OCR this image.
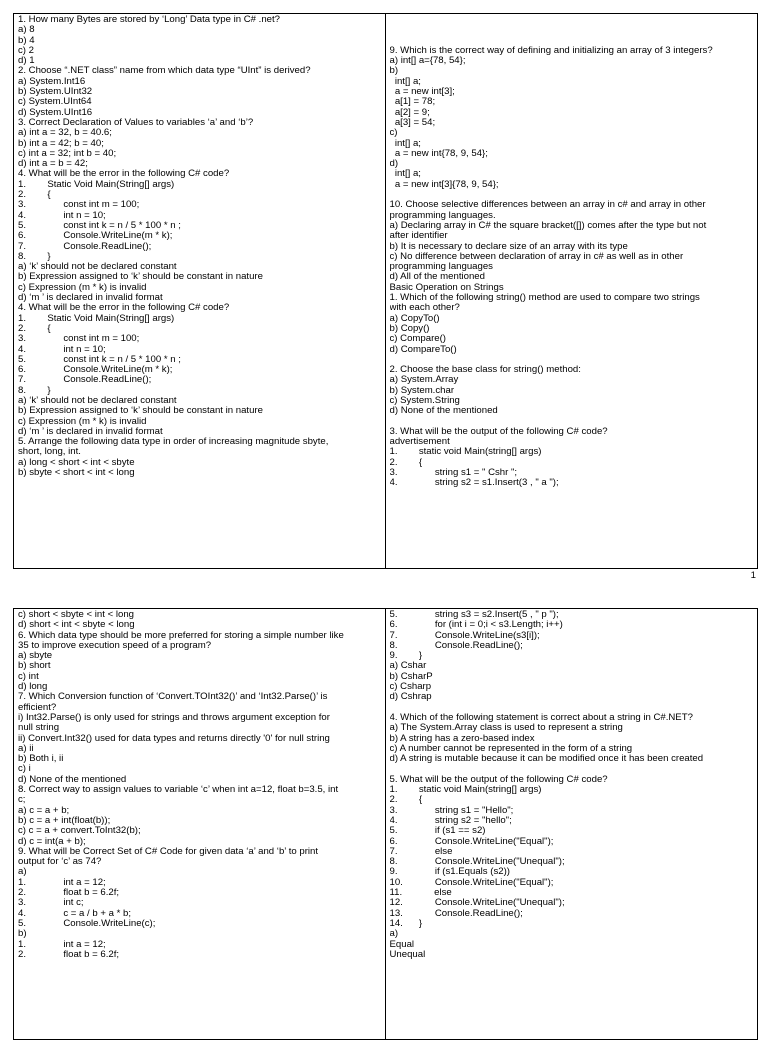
1. How many Bytes are stored by ‘Long’ Data type in C# .net?
a) 8
b) 4
c) 2
d) 1
2. Choose “.NET class” name from which data type “UInt” is derived?
a) System.Int16
b) System.UInt32
c) System.UInt64
d) System.UInt16
3. Correct Declaration of Values to variables ‘a’ and ‘b’?
a) int a = 32, b = 40.6;
b) int a = 42; b = 40;
c) int a = 32; int b = 40;
d) int a = b = 42;
4. What will be the error in the following C# code?
1.        Static Void Main(String[] args)
2.        {
3.              const int m = 100;
4.              int n = 10;
5.              const int k = n / 5 * 100 * n ;
6.              Console.WriteLine(m * k);
7.              Console.ReadLine();
8.        }
a) ‘k’ should not be declared constant
b) Expression assigned to ‘k’ should be constant in nature
c) Expression (m * k) is invalid
d) ‘m ’ is declared in invalid format
4. What will be the error in the following C# code?
1.        Static Void Main(String[] args)
2.        {
3.              const int m = 100;
4.              int n = 10;
5.              const int k = n / 5 * 100 * n ;
6.              Console.WriteLine(m * k);
7.              Console.ReadLine();
8.        }
a) ‘k’ should not be declared constant
b) Expression assigned to ‘k’ should be constant in nature
c) Expression (m * k) is invalid
d) ‘m ’ is declared in invalid format
5. Arrange the following data type in order of increasing magnitude sbyte,
short, long, int.
a) long < short < int < sbyte
b) sbyte < short < int < long
9. Which is the correct way of defining and initializing an array of 3 integers?
a) int[] a={78, 54};
b)
int[] a;
a = new int[3];
a[1] = 78;
a[2] = 9;
a[3] = 54;
c)
int[] a;
a = new int{78, 9, 54};
d)
int[] a;
a = new int[3]{78, 9, 54};
10. Choose selective differences between an array in c# and array in other
programming languages.
a) Declaring array in C# the square bracket([]) comes after the type but not
after identifier
b) It is necessary to declare size of an array with its type
c) No difference between declaration of array in c# as well as in other
programming languages
d) All of the mentioned
Basic Operation on Strings
1. Which of the following string() method are used to compare two strings
with each other?
a) CopyTo()
b) Copy()
c) Compare()
d) CompareTo()
2. Choose the base class for string() method:
a) System.Array
b) System.char
c) System.String
d) None of the mentioned
3. What will be the output of the following C# code?
advertisement
1.        static void Main(string[] args)
2.        {
3.              string s1 = " Cshr ";
4.              string s2 = s1.Insert(3 , " a ");
1
c) short < sbyte < int < long
d) short < int < sbyte < long
6. Which data type should be more preferred for storing a simple number like
35 to improve execution speed of a program?
a) sbyte
b) short
c) int
d) long
7. Which Conversion function of ‘Convert.TOInt32()’ and ‘Int32.Parse()’ is
efficient?
i) Int32.Parse() is only used for strings and throws argument exception for
null string
ii) Convert.Int32() used for data types and returns directly '0' for null string
a) ii
b) Both i, ii
c) i
d) None of the mentioned
8. Correct way to assign values to variable ‘c’ when int a=12, float b=3.5, int
c;
a) c = a + b;
b) c = a + int(float(b));
c) c = a + convert.ToInt32(b);
d) c = int(a + b);
9. What will be Correct Set of C# Code for given data ‘a’ and ‘b’ to print
output for ‘c’ as 74?
a)
1.              int a = 12;
2.              float b = 6.2f;
3.              int c;
4.              c = a / b + a * b;
5.              Console.WriteLine(c);
b)
1.              int a = 12;
2.              float b = 6.2f;
5.              string s3 = s2.Insert(5 , " p ");
6.              for (int i = 0;i < s3.Length; i++)
7.              Console.WriteLine(s3[i]);
8.              Console.ReadLine();
9.        }
a) Cshar
b) CsharP
c) Csharp
d) Cshrap
4. Which of the following statement is correct about a string in C#.NET?
a) The System.Array class is used to represent a string
b) A string has a zero-based index
c) A number cannot be represented in the form of a string
d) A string is mutable because it can be modified once it has been created
5. What will be the output of the following C# code?
1.        static void Main(string[] args)
2.        {
3.              string s1 = "Hello";
4.              string s2 = "hello";
5.              if (s1 == s2)
6.              Console.WriteLine("Equal");
7.              else
8.              Console.WriteLine("Unequal");
9.              if (s1.Equals (s2))
10.            Console.WriteLine("Equal");
11.            else
12.            Console.WriteLine("Unequal");
13.            Console.ReadLine();
14.      }
a)
Equal
Unequal
